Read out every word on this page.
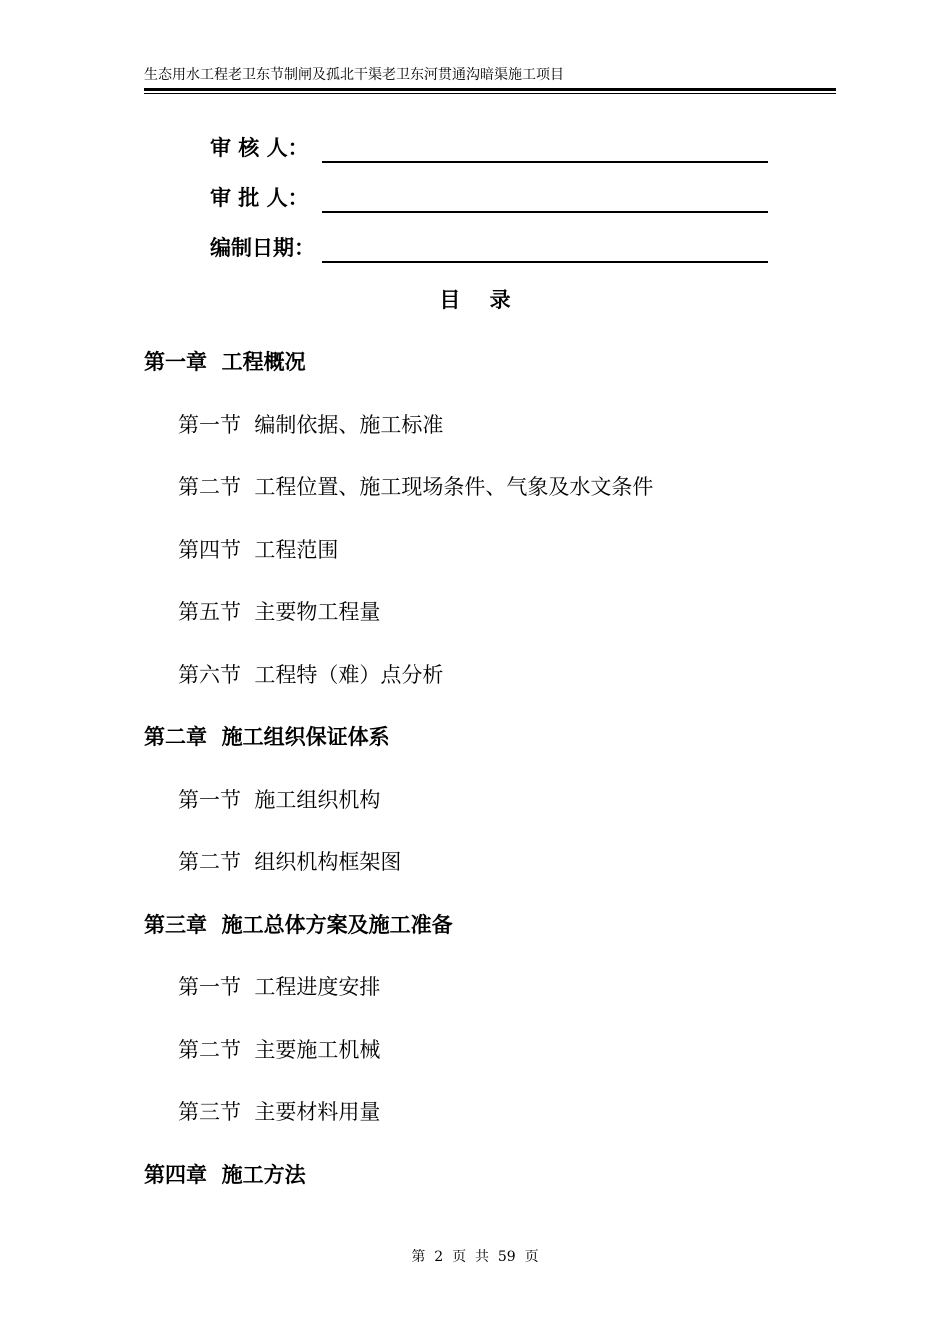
生态用水工程老卫东节制闸及孤北干渠老卫东河贯通沟暗渠施工项目
审 核 人：
审 批 人：
编制日期：
目    录
第一章  工程概况
第一节  编制依据、施工标准
第二节  工程位置、施工现场条件、气象及水文条件
第四节  工程范围
第五节  主要物工程量
第六节  工程特（难）点分析
第二章  施工组织保证体系
第一节  施工组织机构
第二节  组织机构框架图
第三章  施工总体方案及施工准备
第一节  工程进度安排
第二节  主要施工机械
第三节  主要材料用量
第四章  施工方法
第  2  页  共  59  页
